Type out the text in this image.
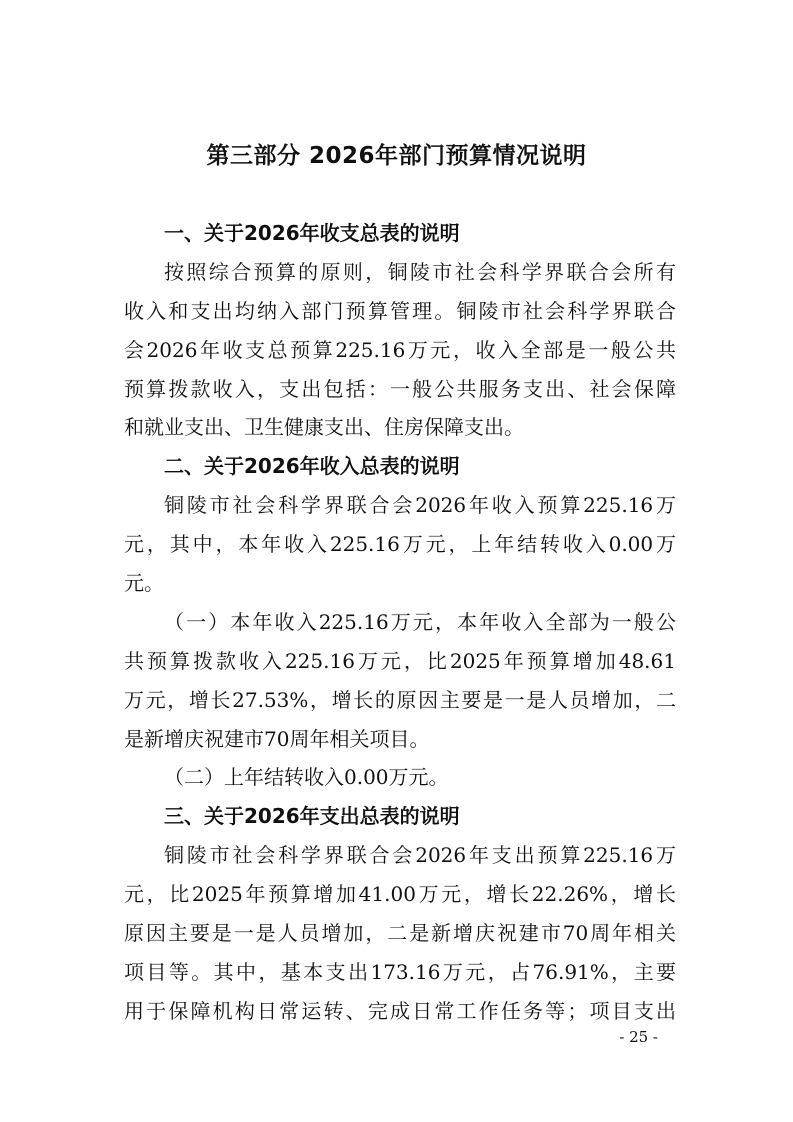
第三部分 2026年部门预算情况说明
一、关于2026年收支总表的说明
按照综合预算的原则，铜陵市社会科学界联合会所有
收入和支出均纳入部门预算管理。铜陵市社会科学界联合
会2026年收支总预算225.16万元，收入全部是一般公共
预算拨款收入，支出包括：一般公共服务支出、社会保障
和就业支出、卫生健康支出、住房保障支出。
二、关于2026年收入总表的说明
铜陵市社会科学界联合会2026年收入预算225.16万
元，其中，本年收入225.16万元，上年结转收入0.00万
元。
（一）本年收入225.16万元，本年收入全部为一般公
共预算拨款收入225.16万元，比2025年预算增加48.61
万元，增长27.53%，增长的原因主要是一是人员增加，二
是新增庆祝建市70周年相关项目。
（二）上年结转收入0.00万元。
三、关于2026年支出总表的说明
铜陵市社会科学界联合会2026年支出预算225.16万
元，比2025年预算增加41.00万元，增长22.26%，增长
原因主要是一是人员增加，二是新增庆祝建市70周年相关
项目等。其中，基本支出173.16万元，占76.91%，主要
用于保障机构日常运转、完成日常工作任务等；项目支出
- 25 -
